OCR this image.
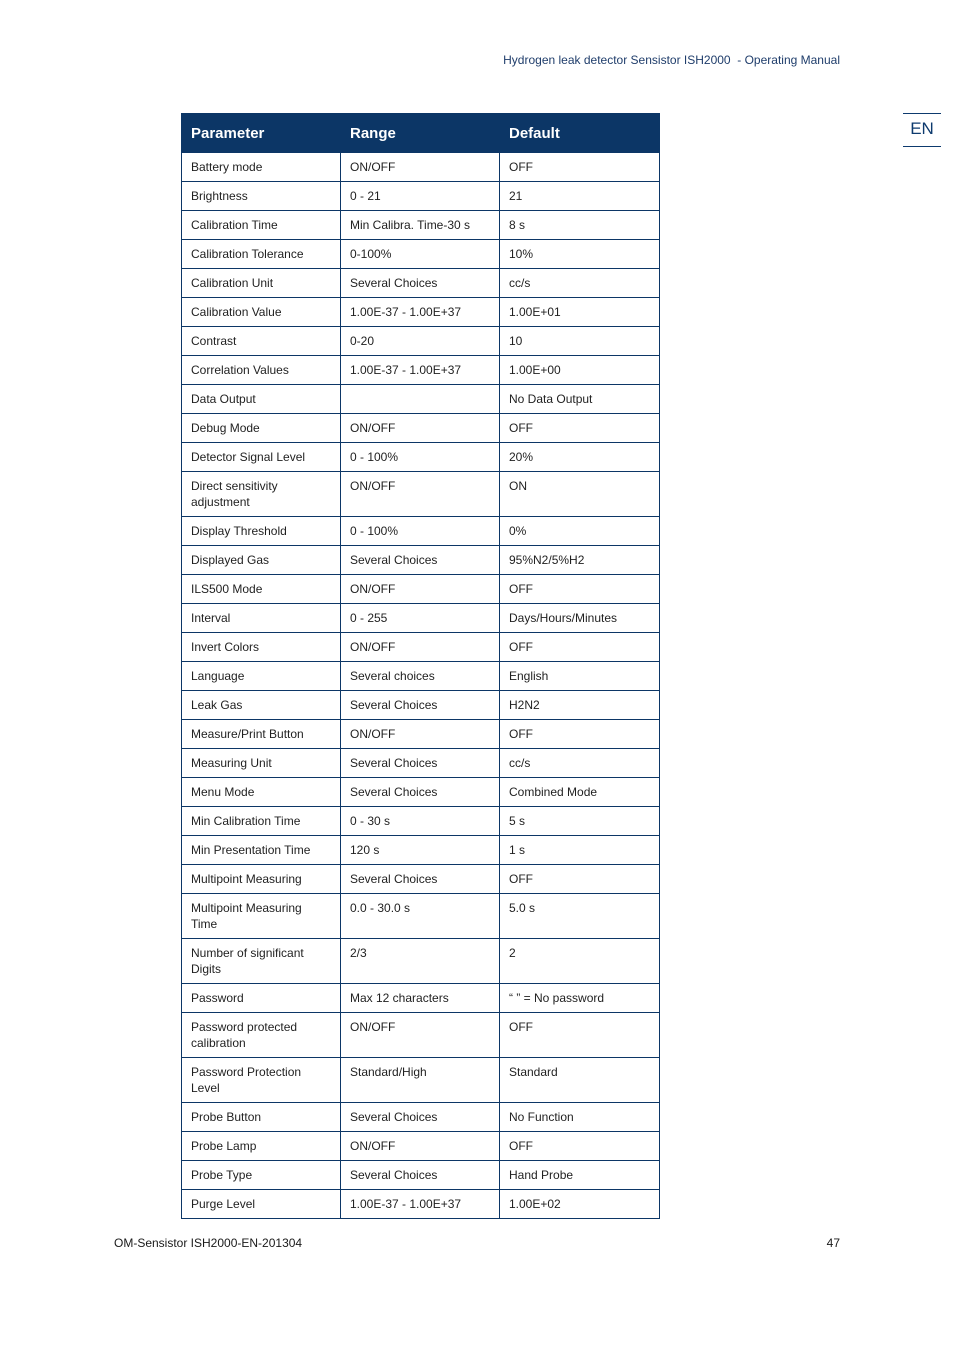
Hydrogen leak detector Sensistor ISH2000  - Operating Manual
EN
Parameter	Range	Default
Battery mode	ON/OFF	OFF
Brightness	0 - 21	21
Calibration Time	Min Calibra. Time-30 s	8 s
Calibration Tolerance	0-100%	10%
Calibration Unit	Several Choices	cc/s
Calibration Value	1.00E-37 - 1.00E+37	1.00E+01
Contrast	0-20	10
Correlation Values	1.00E-37 - 1.00E+37	1.00E+00
Data Output		No Data Output
Debug Mode	ON/OFF	OFF
Detector Signal Level	0 - 100%	20%
Direct sensitivity adjustment	ON/OFF	ON
Display Threshold	0 - 100%	0%
Displayed Gas	Several Choices	95%N2/5%H2
ILS500 Mode	ON/OFF	OFF
Interval	0 - 255	Days/Hours/Minutes
Invert Colors	ON/OFF	OFF
Language	Several choices	English
Leak Gas	Several Choices	H2N2
Measure/Print Button	ON/OFF	OFF
Measuring Unit	Several Choices	cc/s
Menu Mode	Several Choices	Combined Mode
Min Calibration Time	0 - 30 s	5 s
Min Presentation Time	120 s	1 s
Multipoint Measuring	Several Choices	OFF
Multipoint Measuring Time	0.0 - 30.0 s	5.0 s
Number of significant Digits	2/3	2
Password	Max 12 characters	“ ” = No password
Password protected calibration	ON/OFF	OFF
Password Protection Level	Standard/High	Standard
Probe Button	Several Choices	No Function
Probe Lamp	ON/OFF	OFF
Probe Type	Several Choices	Hand Probe
Purge Level	1.00E-37 - 1.00E+37	1.00E+02
OM-Sensistor ISH2000-EN-201304	47
